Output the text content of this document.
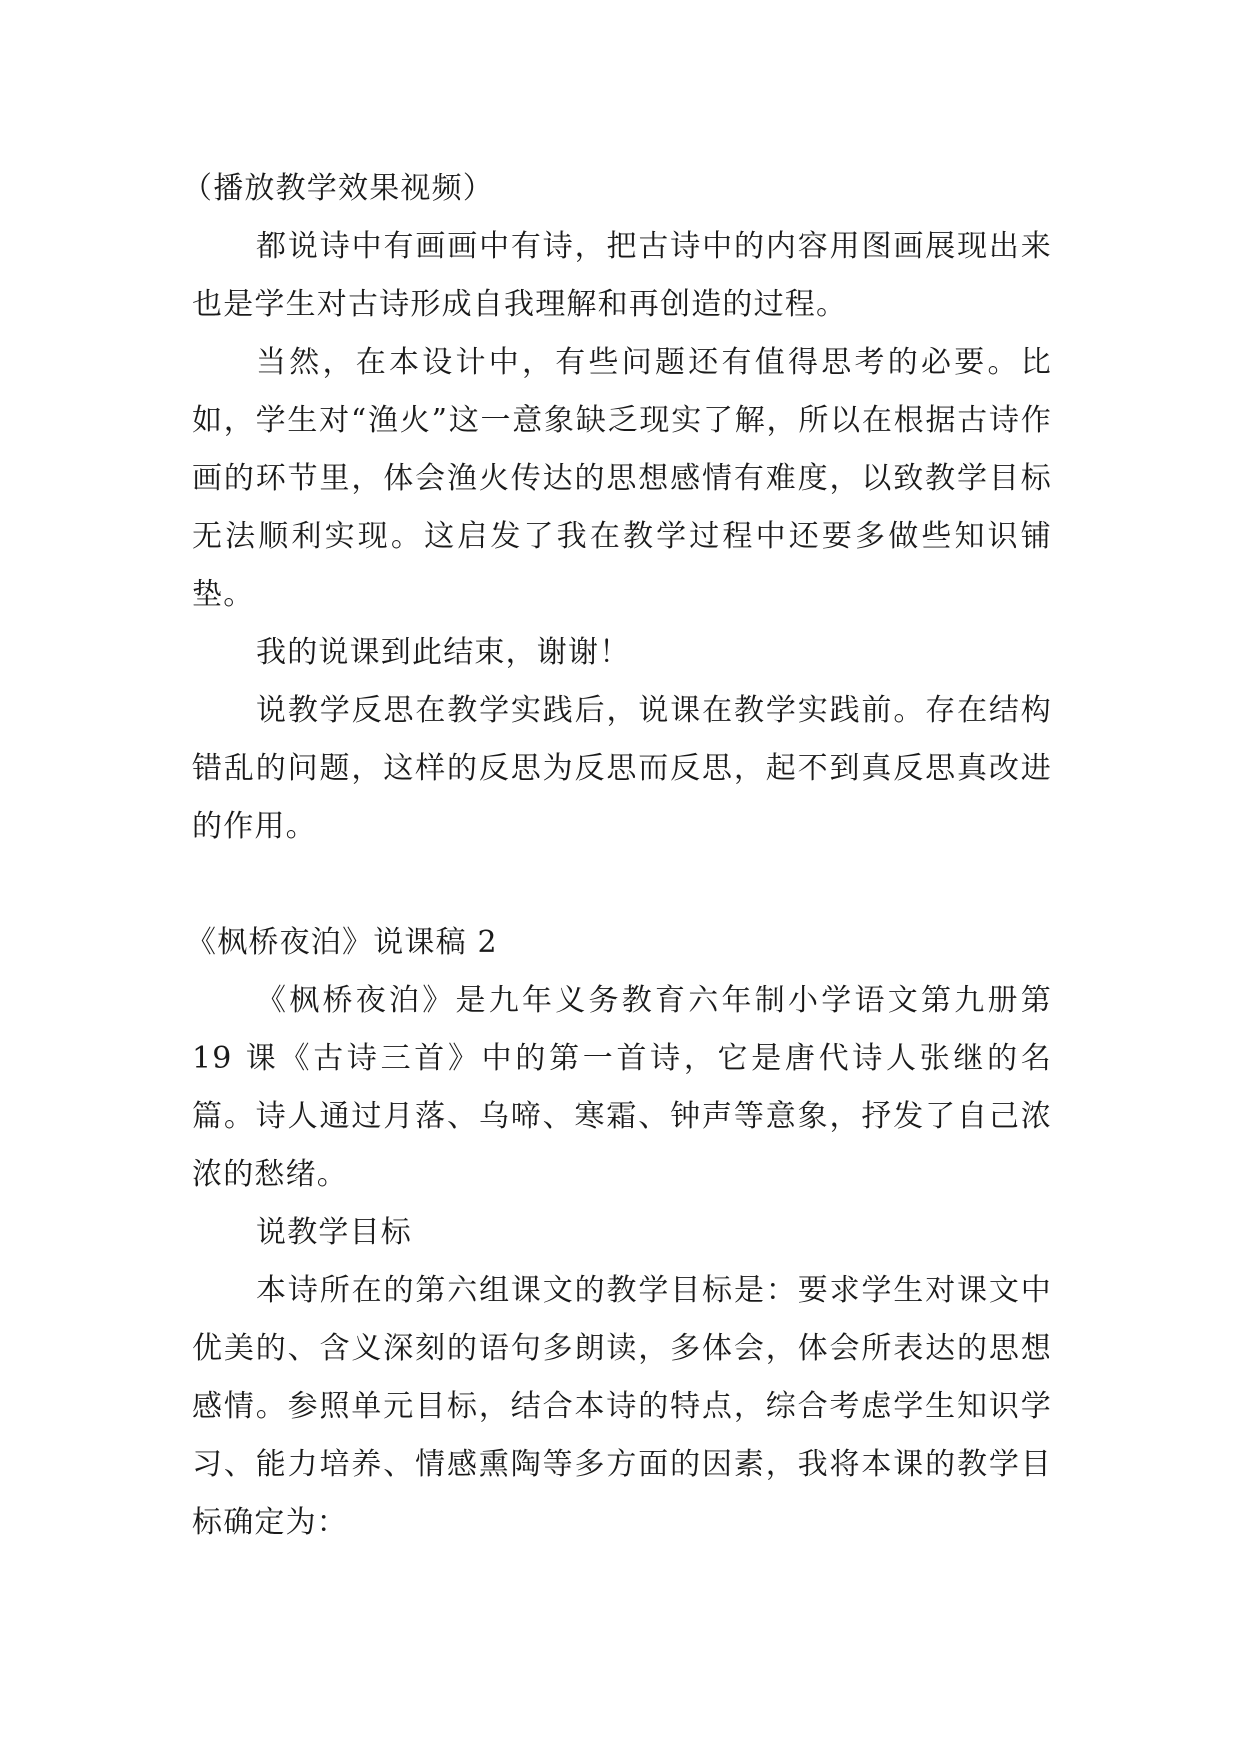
（播放教学效果视频）

都说诗中有画画中有诗，把古诗中的内容用图画展现出来也是学生对古诗形成自我理解和再创造的过程。

当然，在本设计中，有些问题还有值得思考的必要。比如，学生对“渔火”这一意象缺乏现实了解，所以在根据古诗作画的环节里，体会渔火传达的思想感情有难度，以致教学目标无法顺利实现。这启发了我在教学过程中还要多做些知识铺垫。

我的说课到此结束，谢谢！

说教学反思在教学实践后，说课在教学实践前。存在结构错乱的问题，这样的反思为反思而反思，起不到真反思真改进的作用。

《枫桥夜泊》说课稿 2

《枫桥夜泊》是九年义务教育六年制小学语文第九册第 19 课《古诗三首》中的第一首诗，它是唐代诗人张继的名篇。诗人通过月落、乌啼、寒霜、钟声等意象，抒发了自己浓浓的愁绪。

说教学目标

本诗所在的第六组课文的教学目标是：要求学生对课文中优美的、含义深刻的语句多朗读，多体会，体会所表达的思想感情。参照单元目标，结合本诗的特点，综合考虑学生知识学习、能力培养、情感熏陶等多方面的因素，我将本课的教学目标确定为：
